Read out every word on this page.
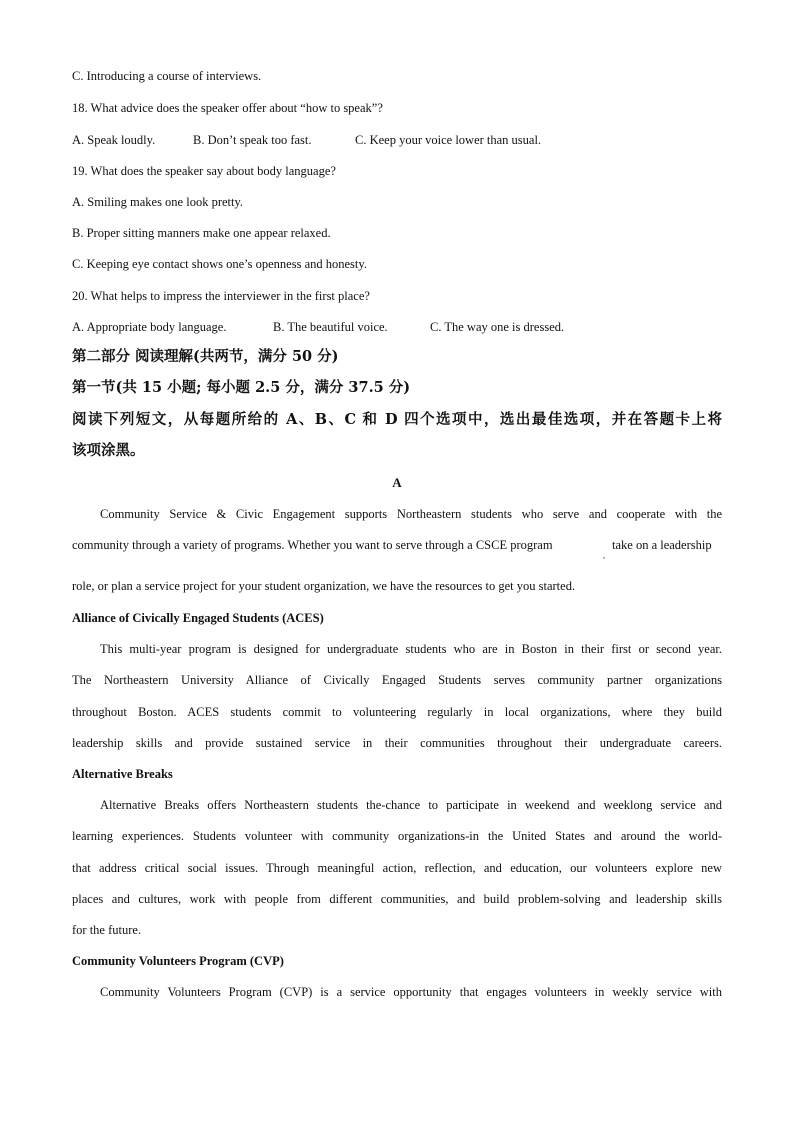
C. Introducing a course of interviews.
18. What advice does the speaker offer about “how to speak”?
A. Speak loudly.	B. Don’t speak too fast.	C. Keep your voice lower than usual.
19. What does the speaker say about body language?
A. Smiling makes one look pretty.
B. Proper sitting manners make one appear relaxed.
C. Keeping eye contact shows one’s openness and honesty.
20. What helps to impress the interviewer in the first place?
A. Appropriate body language.	B. The beautiful voice.	C. The way one is dressed.
第二部分 阅读理解(共两节，满分 50 分)
第一节(共 15 小题; 每小题 2.5 分，满分 37.5 分)
阅读下列短文，从每题所给的 A、B、C 和 D 四个选项中，选出最佳选项，并在答题卡上将
该项涂黑。
A
Community Service & Civic Engagement supports Northeastern students who serve and cooperate with the
community through a variety of programs. Whether you want to serve through a CSCE program
,
take on a leadership
role, or plan a service project for your student organization, we have the resources to get you started.
Alliance of Civically Engaged Students (ACES)
This multi-year program is designed for undergraduate students who are in Boston in their first or second year.
The Northeastern University Alliance of Civically Engaged Students serves community partner organizations
throughout Boston. ACES students commit to volunteering regularly in local organizations, where they build
leadership skills and provide sustained service in their communities throughout their undergraduate careers.
Alternative Breaks
Alternative Breaks offers Northeastern students the-chance to participate in weekend and weeklong service and
learning experiences. Students volunteer with community organizations-in the United States and around the world-
that address critical social issues. Through meaningful action, reflection, and education, our volunteers explore new
places and cultures, work with people from different communities, and build problem-solving and leadership skills
for the future.
Community Volunteers Program (CVP)
Community Volunteers Program (CVP) is a service opportunity that engages volunteers in weekly service with
